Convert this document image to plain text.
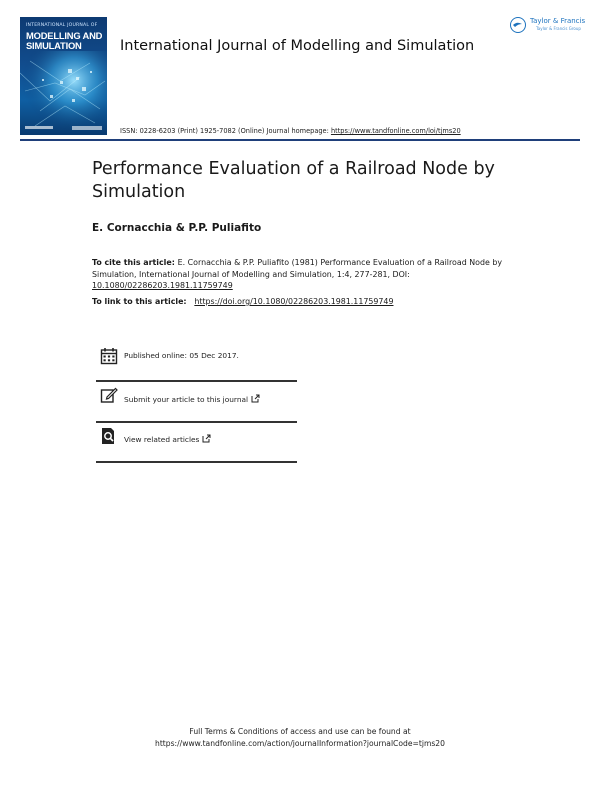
INTERNATIONAL JOURNAL OF
MODELLING AND
SIMULATION	International Journal of Modelling and Simulation
Taylor & Francis
Taylor & Francis Group
ISSN: 0228-6203 (Print) 1925-7082 (Online) Journal homepage: https://www.tandfonline.com/loi/tjms20
Performance Evaluation of a Railroad Node by Simulation
E. Cornacchia & P.P. Puliafito
To cite this article: E. Cornacchia & P.P. Puliafito (1981) Performance Evaluation of a Railroad Node by Simulation, International Journal of Modelling and Simulation, 1:4, 277-281, DOI: 10.1080/02286203.1981.11759749
To link to this article: https://doi.org/10.1080/02286203.1981.11759749
Published online: 05 Dec 2017.
Submit your article to this journal
View related articles
Full Terms & Conditions of access and use can be found at
https://www.tandfonline.com/action/journalInformation?journalCode=tjms20
